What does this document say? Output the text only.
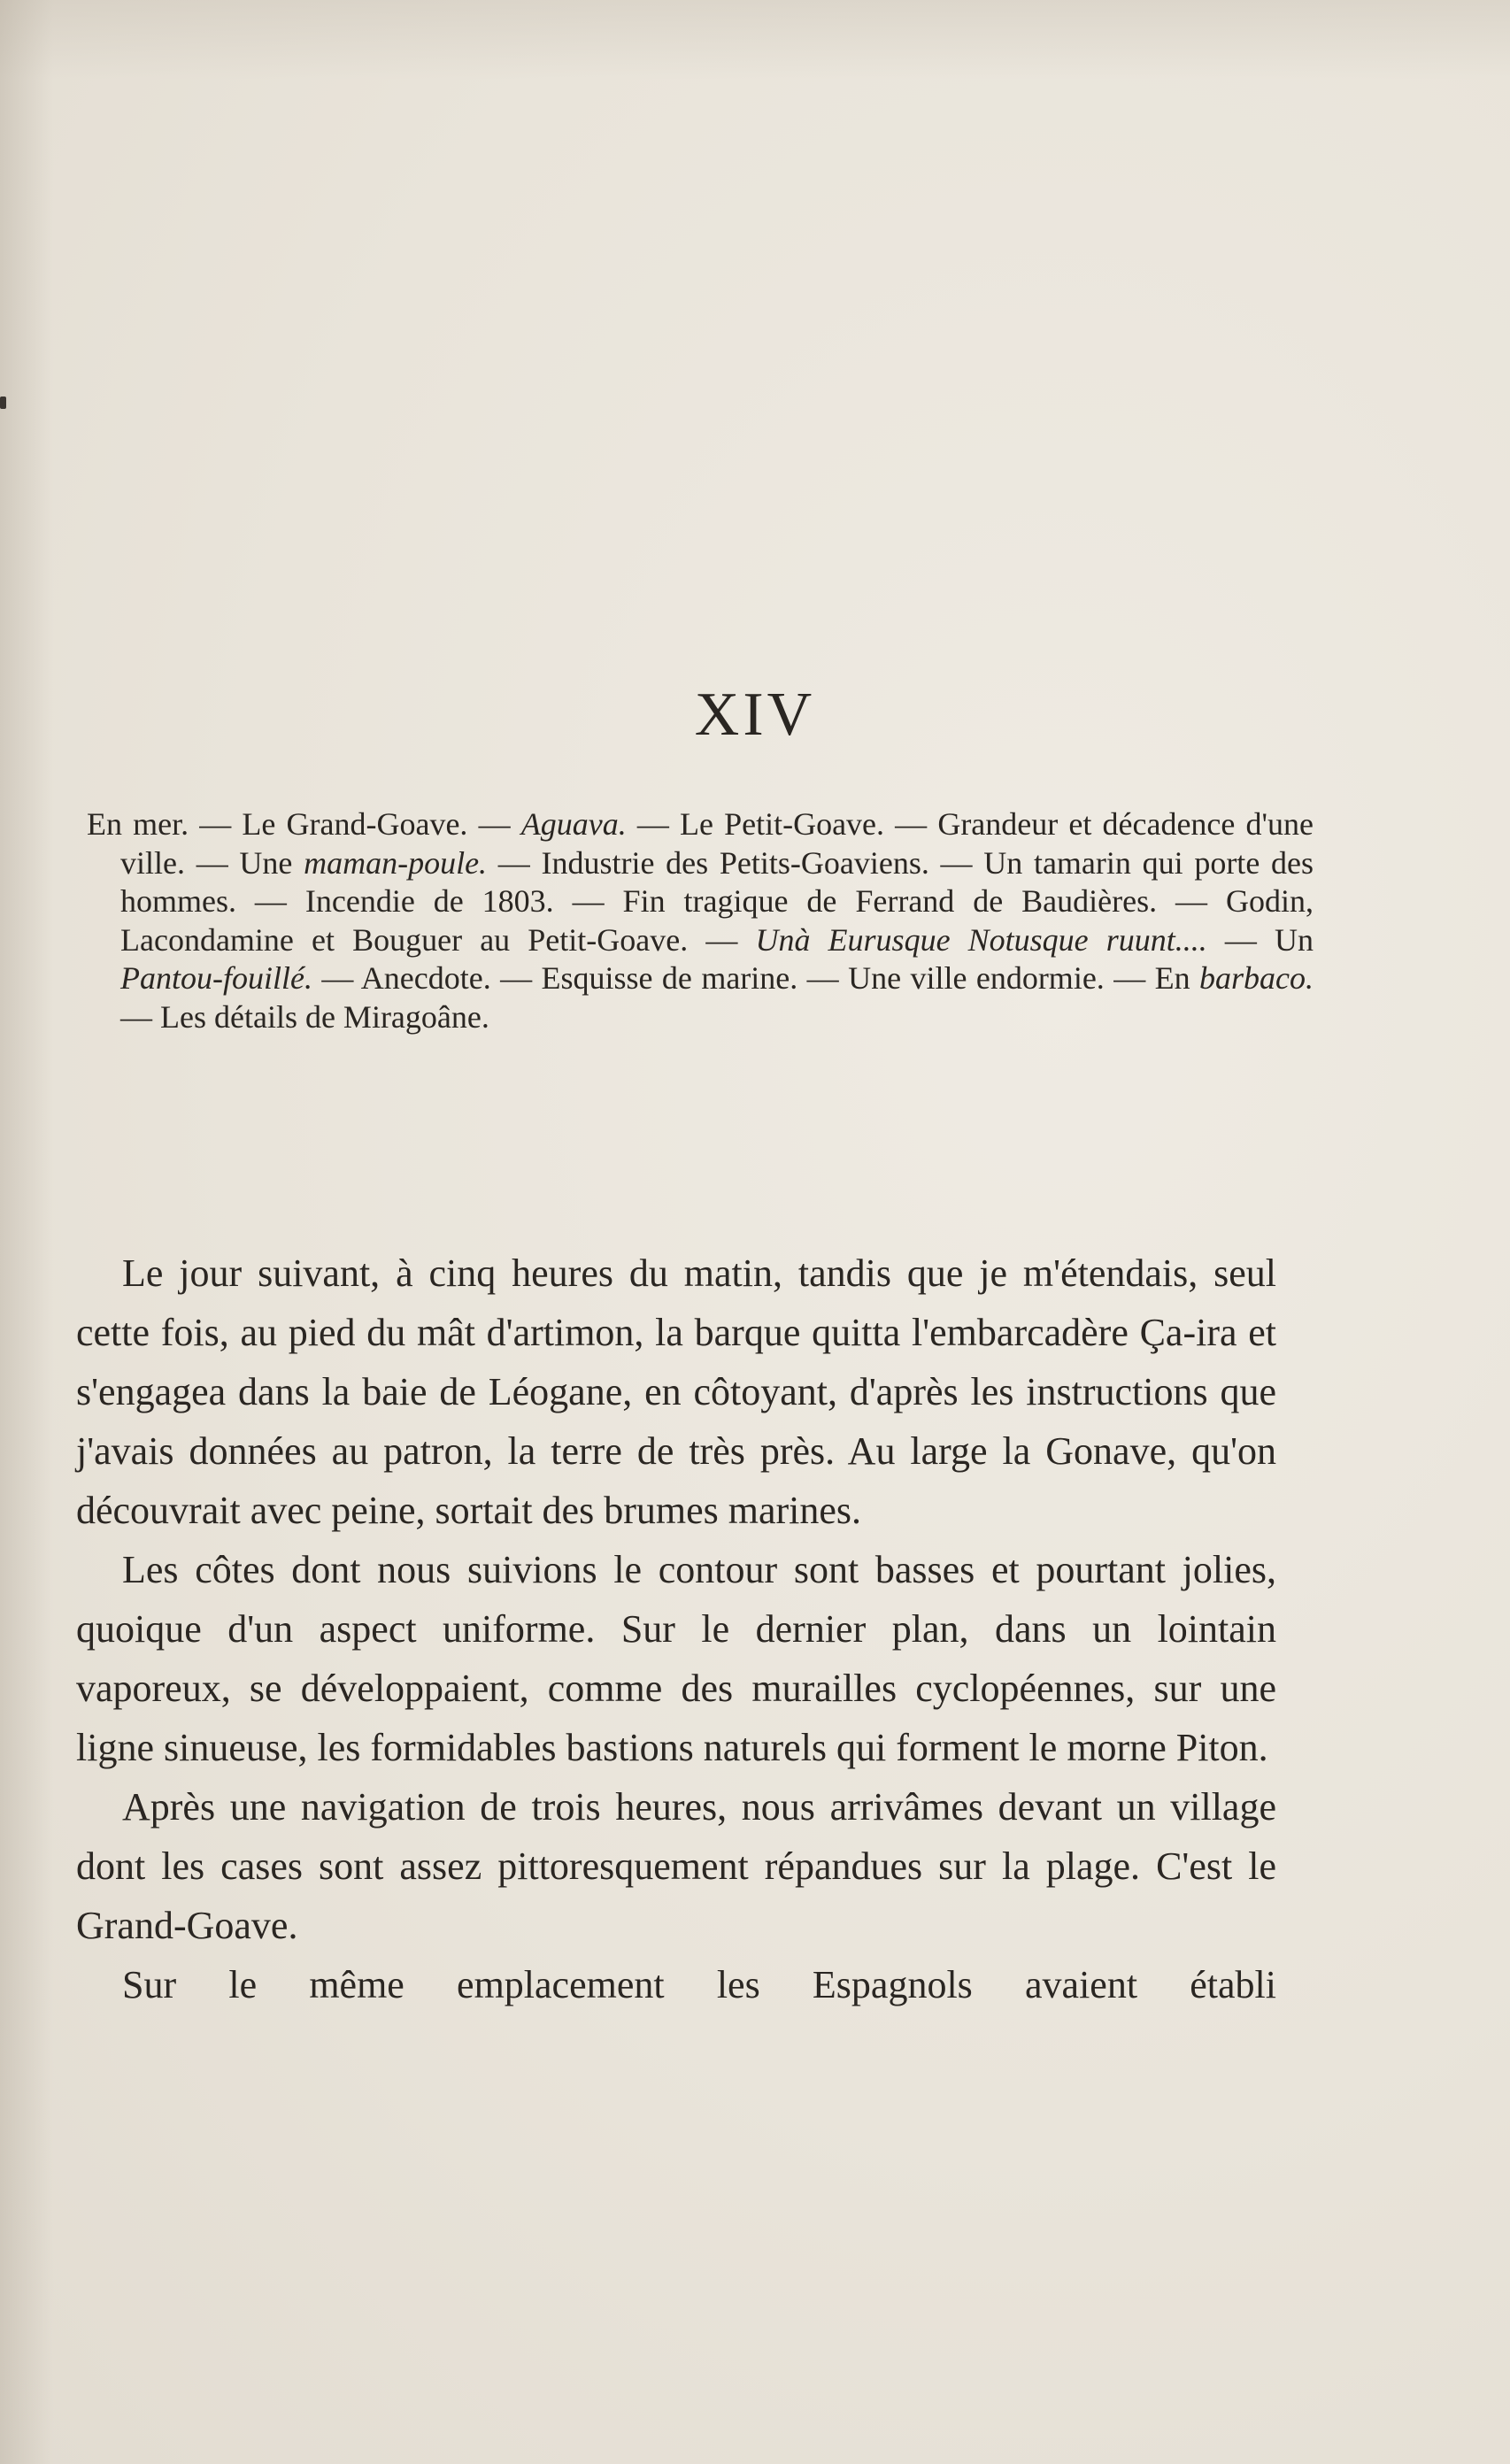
XIV

En mer. — Le Grand-Goave. — Aguava. — Le Petit-Goave. — Grandeur et décadence d'une ville. — Une maman-poule. — Industrie des Petits-Goaviens. — Un tamarin qui porte des hommes. — Incendie de 1803. — Fin tragique de Ferrand de Baudières. — Godin, Lacondamine et Bouguer au Petit-Goave. — Unà Eurusque Notusque ruunt.... — Un Pantou-fouillé. — Anecdote. — Esquisse de marine. — Une ville endormie. — En barbaco. — Les détails de Miragoâne.

Le jour suivant, à cinq heures du matin, tandis que je m'étendais, seul cette fois, au pied du mât d'artimon, la barque quitta l'embarcadère Ça-ira et s'engagea dans la baie de Léogane, en côtoyant, d'après les instructions que j'avais données au patron, la terre de très près. Au large la Gonave, qu'on découvrait avec peine, sortait des brumes marines.

Les côtes dont nous suivions le contour sont basses et pourtant jolies, quoique d'un aspect uniforme. Sur le dernier plan, dans un lointain vaporeux, se développaient, comme des murailles cyclopéennes, sur une ligne sinueuse, les formidables bastions naturels qui forment le morne Piton.

Après une navigation de trois heures, nous arrivâmes devant un village dont les cases sont assez pittoresquement répandues sur la plage. C'est le Grand-Goave.

Sur le même emplacement les Espagnols avaient établi
